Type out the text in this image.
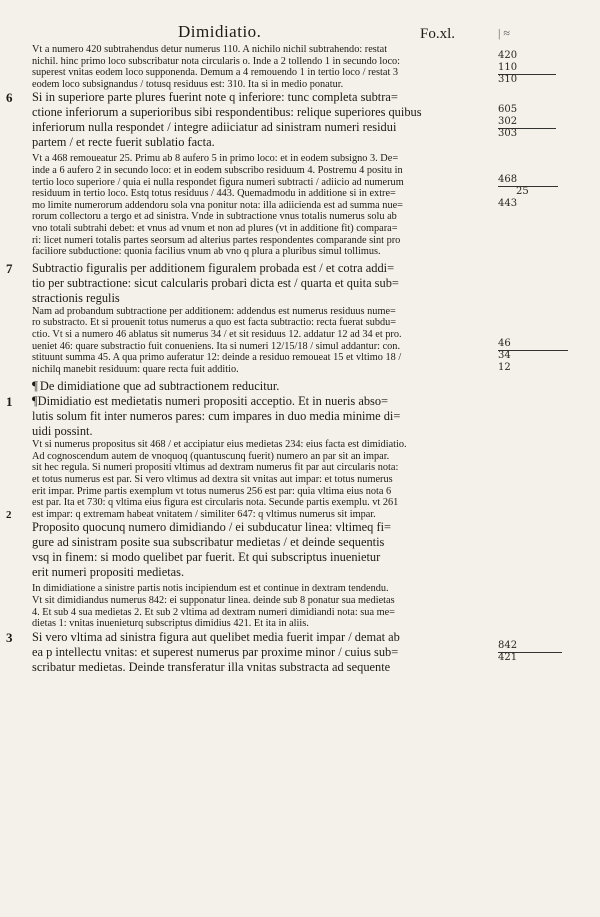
Dimidiatio.	Fo.xl.	| ≈
Vt a numero 420 subtrahendus detur numerus 110. A nichilo nichil subtrahendo: restat
nichil. hinc primo loco subscribatur nota circularis o. Inde a 2 tollendo 1 in secundo loco:
superest vnitas eodem loco supponenda. Demum a 4 remouendo 1 in tertio loco / restat 3
eodem loco subsignandus / totusq residuus est: 310. Ita si in medio ponatur.
6 Si in superiore parte plures fuerint note q inferiore: tunc completa subtra=
ctione inferiorum a superioribus sibi respondentibus: relique superiores quibus
inferiorum nulla respondet / integre adiiciatur ad sinistram numeri residui
partem / et recte fuerit sublatio facta.
Vt a 468 remoueatur 25. Primu ab 8 aufero 5 in primo loco: et in eodem subsigno 3. De=
inde a 6 aufero 2 in secundo loco: et in eodem subscribo residuum 4. Postremu 4 positu in
tertio loco superiore / quia ei nulla respondet figura numeri subtracti / adiicio ad numerum
residuum in tertio loco. Estq totus residuus / 443. Quemadmodu in additione si in extre=
mo limite numerorum addendoru sola vna ponitur nota: illa adiicienda est ad summa nue=
rorum collectoru a tergo et ad sinistra. Vnde in subtractione vnus totalis numerus solu ab
vno totali subtrahi debet: et vnus ad vnum et non ad plures (vt in additione fit) compara=
ri: licet numeri totalis partes seorsum ad alterius partes respondentes comparande sint pro
faciliore subductione: quonia facilius vnum ab vno q plura a pluribus simul tollimus.
7 Subtractio figuralis per additionem figuralem probada est / et cotra addi=
tio per subtractione: sicut calcularis probari dicta est / quarta et quita sub=
stractionis regulis
Nam ad probandum subtractione per additionem: addendus est numerus residuus nume=
ro substracto. Et si prouenit totus numerus a quo est facta subtractio: recta fuerat subdu=
ctio. Vt si a numero 46 ablatus sit numerus 34 / et sit residuus 12. addatur 12 ad 34 et pro.
ueniet 46: quare substractio fuit conueniens. Ita si numeri 12/15/18 / simul addantur: con.
stituunt summa 45. A qua primo auferatur 12: deinde a residuo remoueat 15 et vltimo 18 /
nichilq manebit residuum: quare recta fuit additio.
¶ De dimidiatione que ad subtractionem reducitur.
1 ¶Dimidiatio est medietatis numeri propositi acceptio. Et in nueris abso=
lutis solum fit inter numeros pares: cum impares in duo media minime di=
uidi possint.
Vt si numerus propositus sit 468 / et accipiatur eius medietas 234: eius facta est dimidiatio.
Ad cognoscendum autem de vnoquoq (quantuscunq fuerit) numero an par sit an impar.
sit hec regula. Si numeri propositi vltimus ad dextram numerus fit par aut circularis nota:
et totus numerus est par. Si vero vltimus ad dextra sit vnitas aut impar: et totus numerus
erit impar. Prime partis exemplum vt totus numerus 256 est par: quia vltima eius nota 6
est par. Ita et 730: q vltima eius figura est circularis nota. Secunde partis exemplu. vt 261
2 est impar: q extremam habeat vnitatem / similiter 647: q vltimus numerus sit impar.
Proposito quocunq numero dimidiando / ei subducatur linea: vltimeq fi=
gure ad sinistram posite sua subscribatur medietas / et deinde sequentis
vsq in finem: si modo quelibet par fuerit. Et qui subscriptus inuenietur
erit numeri propositi medietas.
In dimidiatione a sinistre partis notis incipiendum est et continue in dextram tendendu.
Vt sit dimidiandus numerus 842: ei supponatur linea. deinde sub 8 ponatur sua medietas
4. Et sub 4 sua medietas 2. Et sub 2 vltima ad dextram numeri dimidiandi nota: sua me=
dietas 1: vnitas inuenieturq subscriptus dimidius 421. Et ita in aliis.
3 Si vero vltima ad sinistra figura aut quelibet media fuerit impar / demat ab
ea p intellectu vnitas: et superest numerus par proxime minor / cuius sub=
scribatur medietas. Deinde transferatur illa vnitas substracta ad sequente
420
110
310
605
302
303
468
25
443
46
34
12
842
421
